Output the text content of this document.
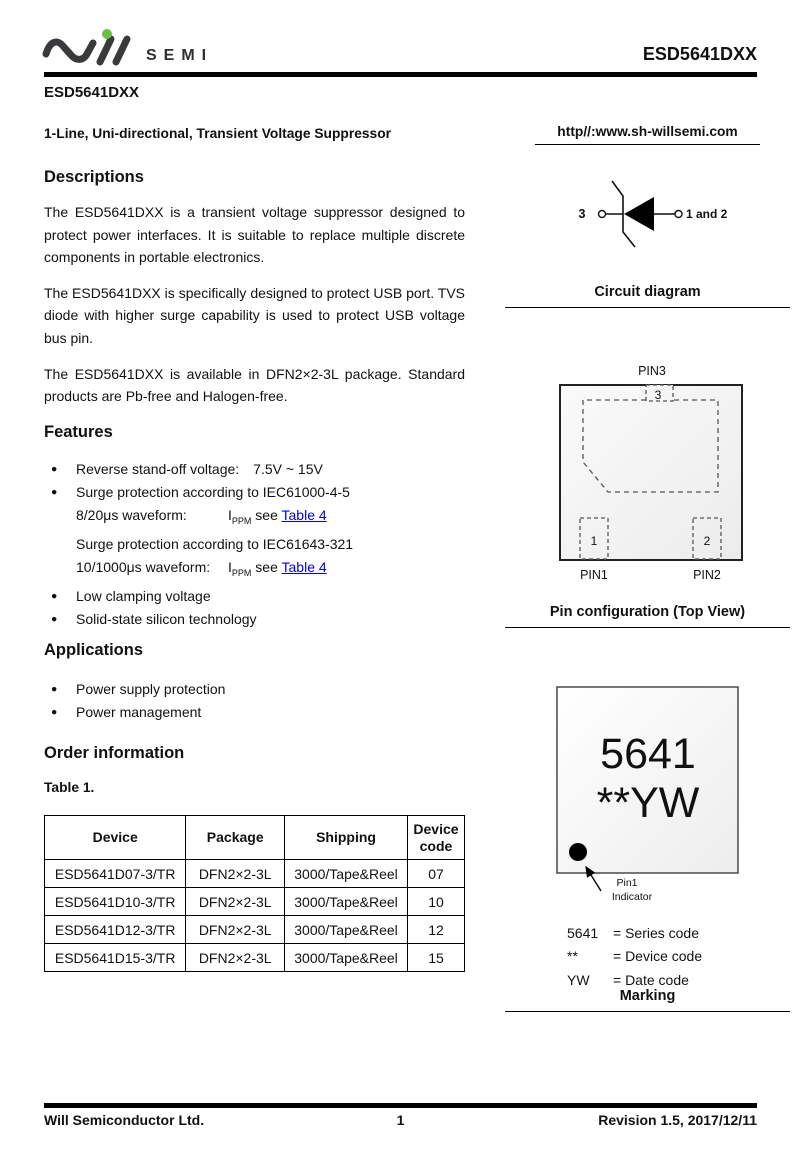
SEMI	ESD5641DXX
ESD5641DXX
1-Line, Uni-directional, Transient Voltage Suppressor
Descriptions

The ESD5641DXX is a transient voltage suppressor designed to protect power interfaces. It is suitable to replace multiple discrete components in portable electronics.

The ESD5641DXX is specifically designed to protect USB port. TVS diode with higher surge capability is used to protect USB voltage bus pin.

The ESD5641DXX is available in DFN2×2-3L package. Standard products are Pb-free and Halogen-free.

Features
●	Reverse stand-off voltage: 7.5V ~ 15V
●	Surge protection according to IEC61000-4-5
8/20μs waveform:	$I_{PPM}$ see Table 4
Surge protection according to IEC61643-321
10/1000μs waveform: $I_{PPM}$ see Table 4
●	Low clamping voltage
●	Solid-state silicon technology
Applications
●	Power supply protection
●	Power management
Order information
Table 1.
Device	Package	Shipping	Device code
ESD5641D07-3/TR	DFN2×2-3L	3000/Tape&Reel	07
ESD5641D10-3/TR	DFN2×2-3L	3000/Tape&Reel	10
ESD5641D12-3/TR	DFN2×2-3L	3000/Tape&Reel	12
ESD5641D15-3/TR	DFN2×2-3L	3000/Tape&Reel	15
http//:www.sh-willsemi.com
3	1 and 2
Circuit diagram
PIN3
3
1	2
PIN1	PIN2
Pin configuration (Top View)
5641
**YW
Pin1
Indicator
5641 = Series code
**	= Device code
YW = Date code
Marking
Will Semiconductor Ltd.	1	Revision 1.5, 2017/12/11
